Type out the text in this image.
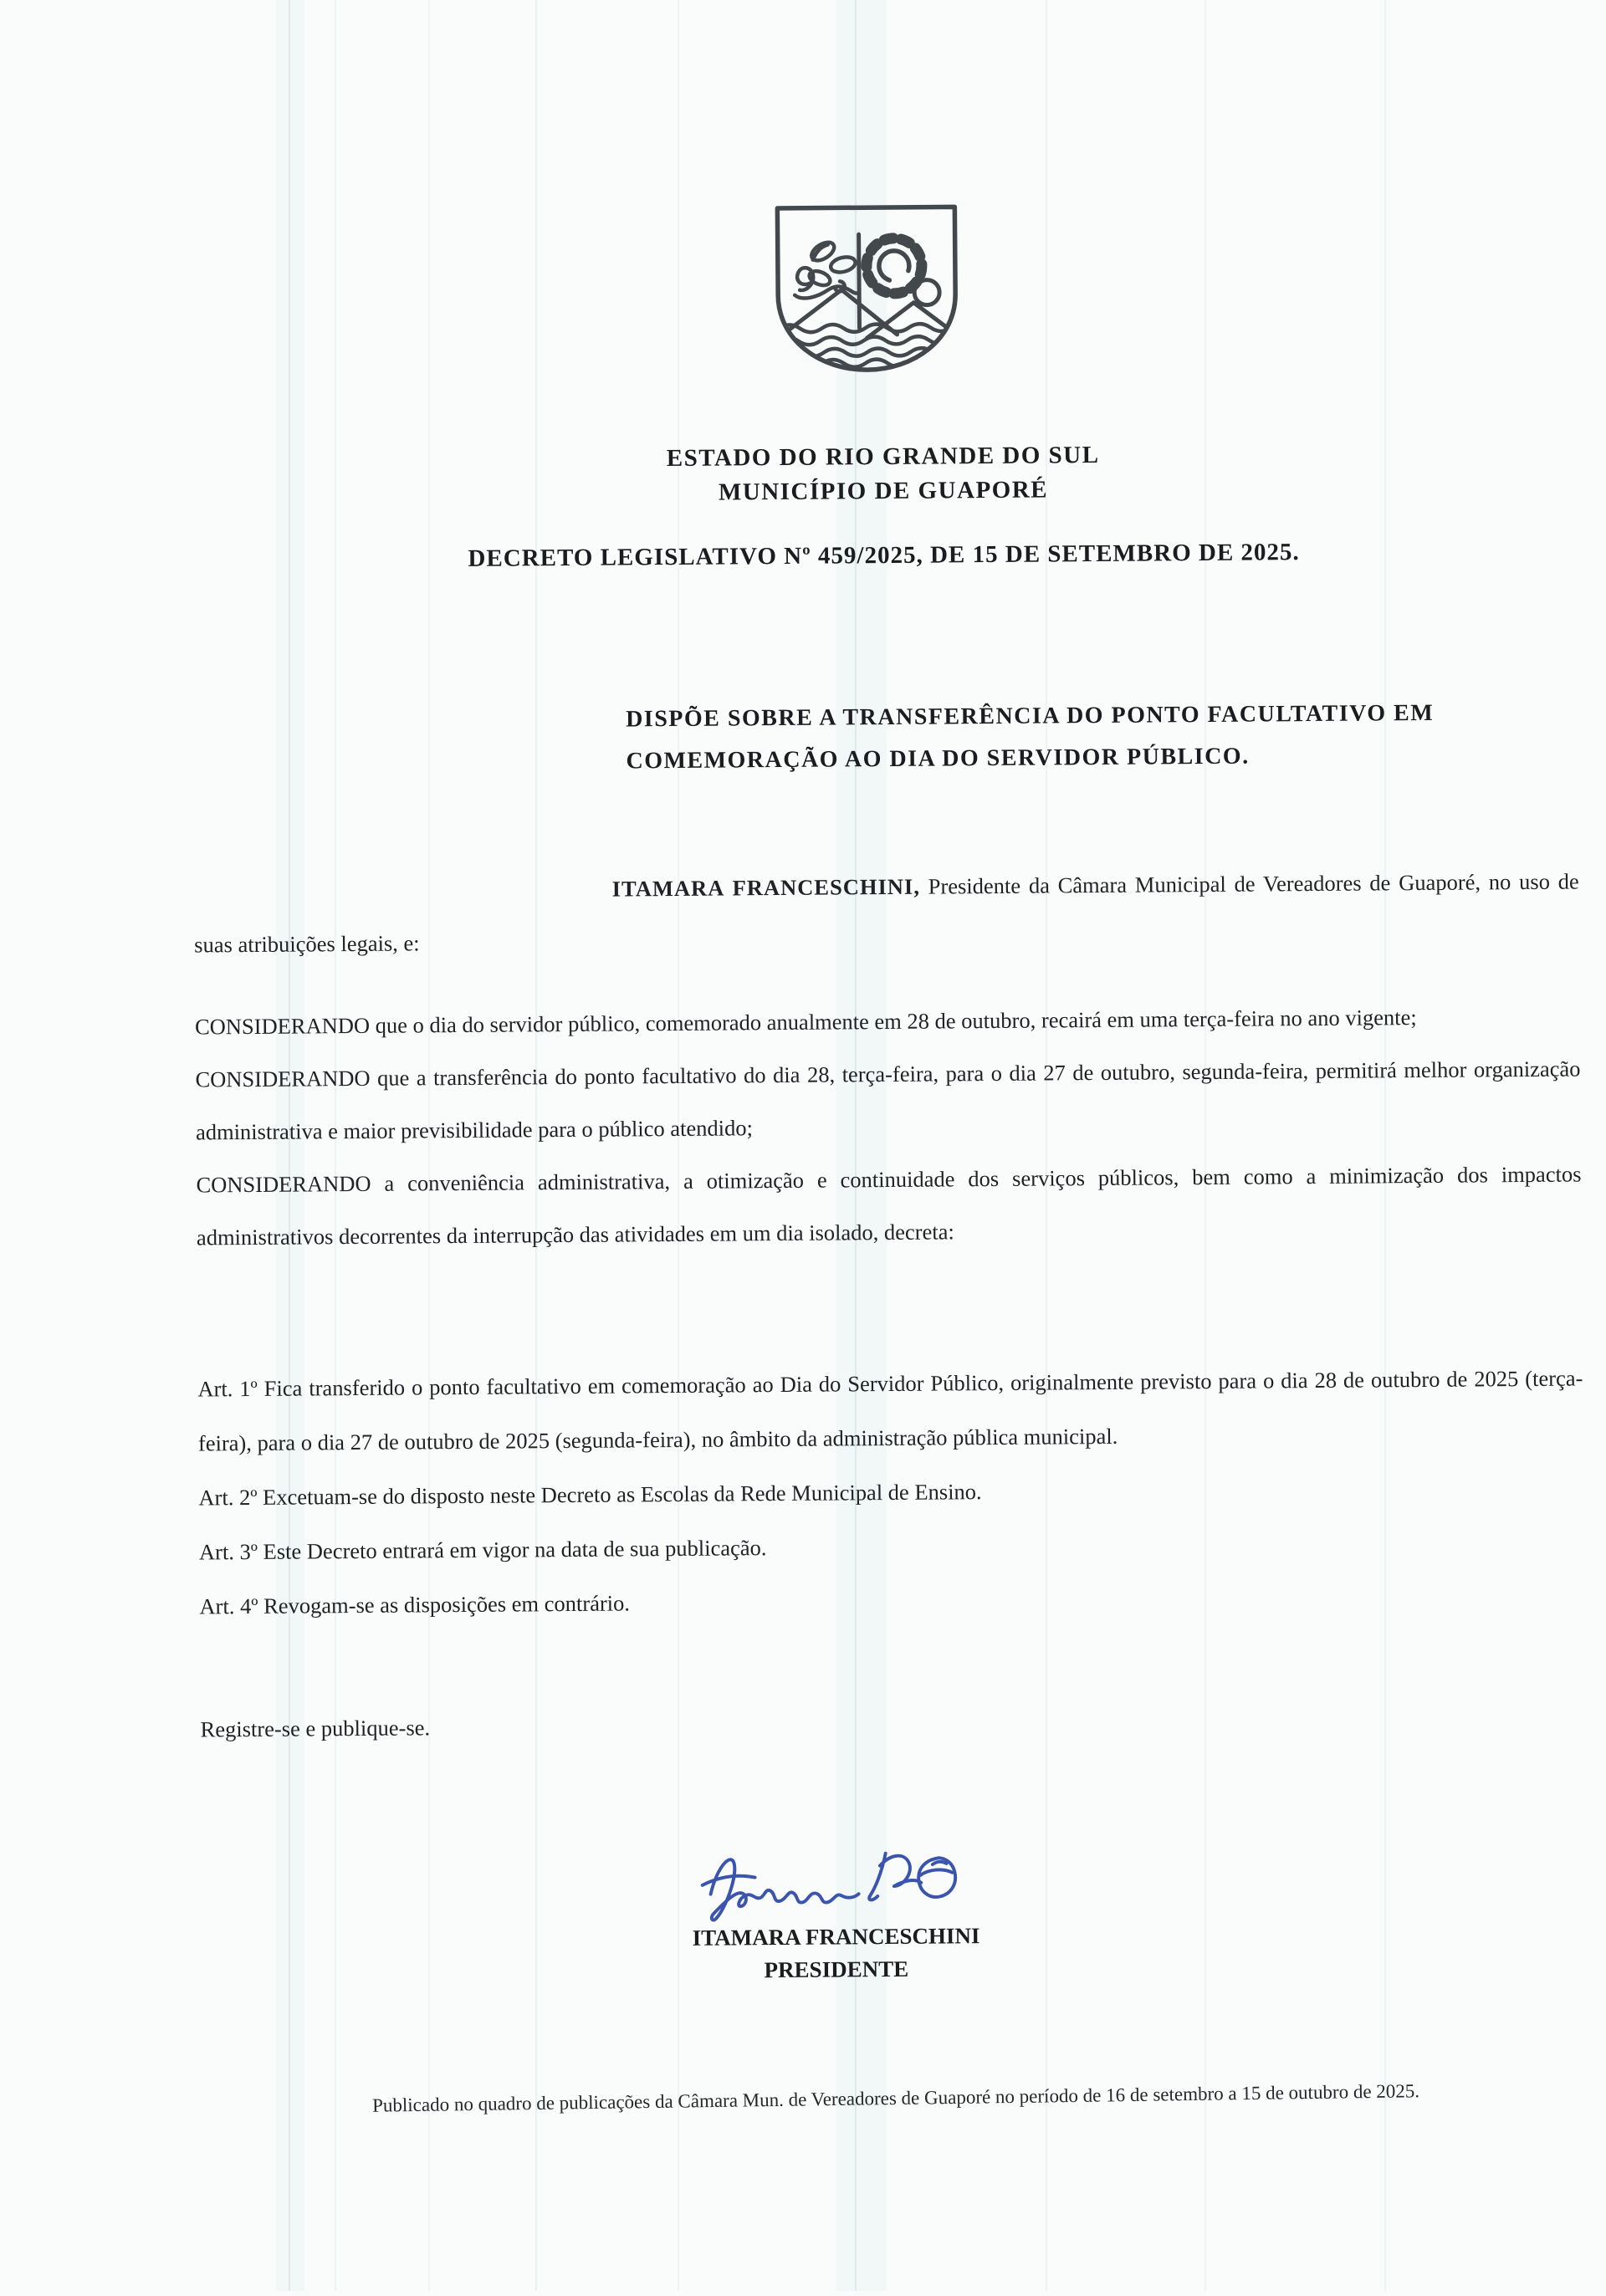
ESTADO DO RIO GRANDE DO SUL
MUNICÍPIO DE GUAPORÉ
DECRETO LEGISLATIVO Nº 459/2025, DE 15 DE SETEMBRO DE 2025.
DISPÕE SOBRE A TRANSFERÊNCIA DO PONTO FACULTATIVO EM COMEMORAÇÃO AO DIA DO SERVIDOR PÚBLICO.

ITAMARA FRANCESCHINI, Presidente da Câmara Municipal de Vereadores de Guaporé, no uso de suas atribuições legais, e:

CONSIDERANDO que o dia do servidor público, comemorado anualmente em 28 de outubro, recairá em uma terça-feira no ano vigente;

CONSIDERANDO que a transferência do ponto facultativo do dia 28, terça-feira, para o dia 27 de outubro, segunda-feira, permitirá melhor organização administrativa e maior previsibilidade para o público atendido;

CONSIDERANDO a conveniência administrativa, a otimização e continuidade dos serviços públicos, bem como a minimização dos impactos administrativos decorrentes da interrupção das atividades em um dia isolado, decreta:

Art. 1º Fica transferido o ponto facultativo em comemoração ao Dia do Servidor Público, originalmente previsto para o dia 28 de outubro de 2025 (terça-feira), para o dia 27 de outubro de 2025 (segunda-feira), no âmbito da administração pública municipal.

Art. 2º Excetuam-se do disposto neste Decreto as Escolas da Rede Municipal de Ensino.

Art. 3º Este Decreto entrará em vigor na data de sua publicação.

Art. 4º Revogam-se as disposições em contrário.

Registre-se e publique-se.
ITAMARA FRANCESCHINI
PRESIDENTE
Publicado no quadro de publicações da Câmara Mun. de Vereadores de Guaporé no período de 16 de setembro a 15 de outubro de 2025.
